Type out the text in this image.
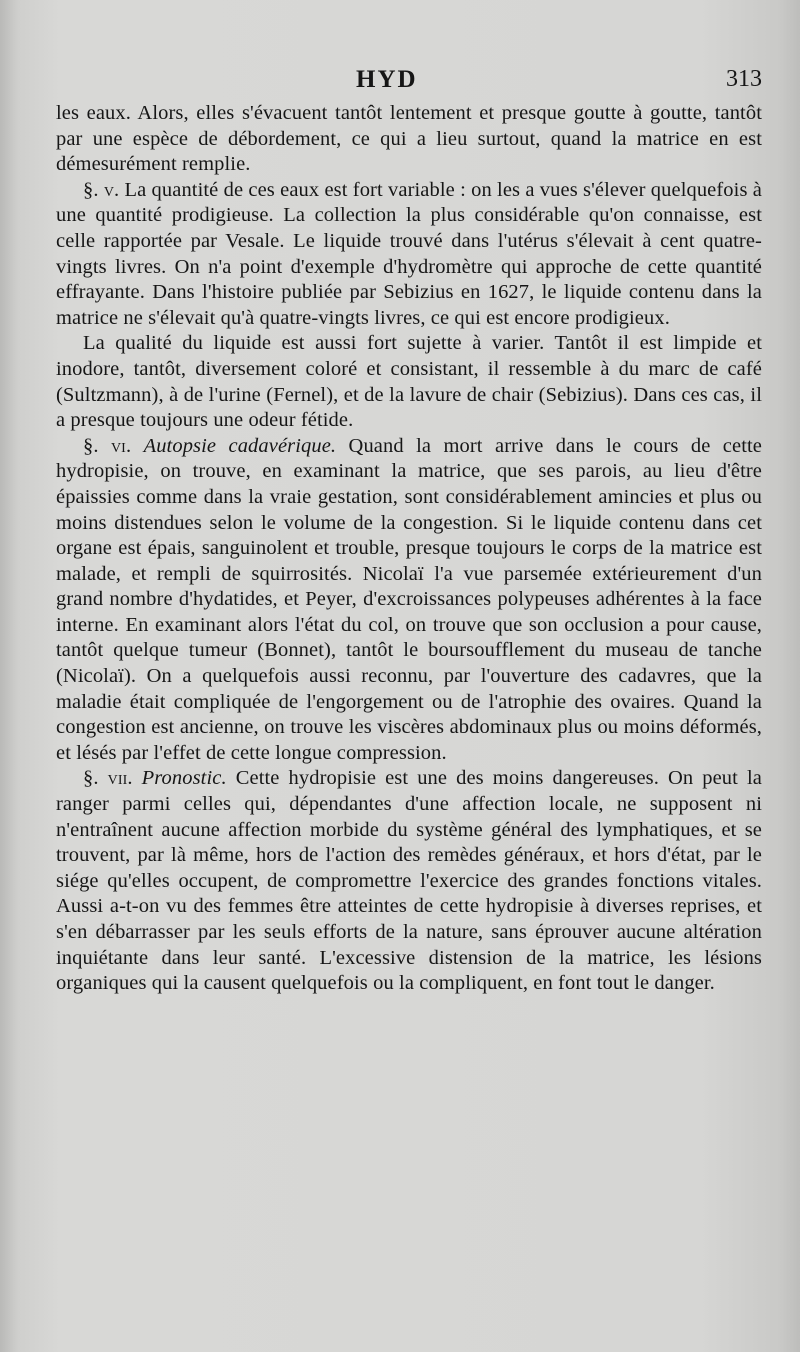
HYD	313

les eaux. Alors, elles s'évacuent tantôt lentement et presque goutte à goutte, tantôt par une espèce de débordement, ce qui a lieu surtout, quand la matrice en est démesurément remplie.

§. v. La quantité de ces eaux est fort variable : on les a vues s'élever quelquefois à une quantité prodigieuse. La collection la plus considérable qu'on connaisse, est celle rapportée par Vesale. Le liquide trouvé dans l'utérus s'élevait à cent quatre-vingts livres. On n'a point d'exemple d'hydromètre qui approche de cette quantité effrayante. Dans l'histoire publiée par Sebizius en 1627, le liquide contenu dans la matrice ne s'élevait qu'à quatre-vingts livres, ce qui est encore prodigieux.

La qualité du liquide est aussi fort sujette à varier. Tantôt il est limpide et inodore, tantôt, diversement coloré et consistant, il ressemble à du marc de café (Sultzmann), à de l'urine (Fernel), et de la lavure de chair (Sebizius). Dans ces cas, il a presque toujours une odeur fétide.

§. vi. Autopsie cadavérique. Quand la mort arrive dans le cours de cette hydropisie, on trouve, en examinant la matrice, que ses parois, au lieu d'être épaissies comme dans la vraie gestation, sont considérablement amincies et plus ou moins distendues selon le volume de la congestion. Si le liquide contenu dans cet organe est épais, sanguinolent et trouble, presque toujours le corps de la matrice est malade, et rempli de squirrosités. Nicolaï l'a vue parsemée extérieurement d'un grand nombre d'hydatides, et Peyer, d'excroissances polypeuses adhérentes à la face interne. En examinant alors l'état du col, on trouve que son occlusion a pour cause, tantôt quelque tumeur (Bonnet), tantôt le boursoufflement du museau de tanche (Nicolaï). On a quelquefois aussi reconnu, par l'ouverture des cadavres, que la maladie était compliquée de l'engorgement ou de l'atrophie des ovaires. Quand la congestion est ancienne, on trouve les viscères abdominaux plus ou moins déformés, et lésés par l'effet de cette longue compression.

§. vii. Pronostic. Cette hydropisie est une des moins dangereuses. On peut la ranger parmi celles qui, dépendantes d'une affection locale, ne supposent ni n'entraînent aucune affection morbide du système général des lymphatiques, et se trouvent, par là même, hors de l'action des remèdes généraux, et hors d'état, par le siége qu'elles occupent, de compromettre l'exercice des grandes fonctions vitales. Aussi a-t-on vu des femmes être atteintes de cette hydropisie à diverses reprises, et s'en débarrasser par les seuls efforts de la nature, sans éprouver aucune altération inquiétante dans leur santé. L'excessive distension de la matrice, les lésions organiques qui la causent quelquefois ou la compliquent, en font tout le danger.
